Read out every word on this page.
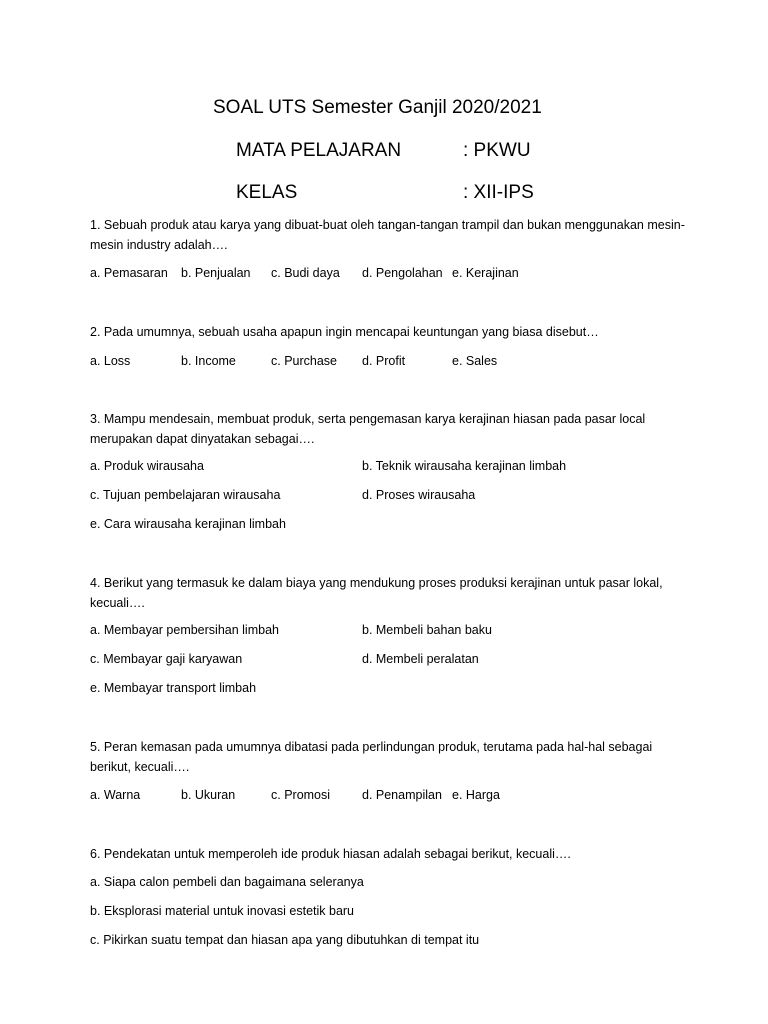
SOAL UTS Semester Ganjil 2020/2021
MATA PELAJARAN	: PKWU
KELAS	: XII-IPS
1. Sebuah produk atau karya yang dibuat-buat oleh tangan-tangan trampil dan bukan menggunakan mesin-mesin industry adalah….
a. Pemasaran b. Penjualan c. Budi daya d. Pengolahan e. Kerajinan
2. Pada umumnya, sebuah usaha apapun ingin mencapai keuntungan yang biasa disebut…
a. Loss	b. Income	c. Purchase d. Profit	e. Sales
3. Mampu mendesain, membuat produk, serta pengemasan karya kerajinan hiasan pada pasar local merupakan dapat dinyatakan sebagai….
a. Produk wirausaha	b. Teknik wirausaha kerajinan limbah
c. Tujuan pembelajaran wirausaha	d. Proses wirausaha
e. Cara wirausaha kerajinan limbah
4. Berikut yang termasuk ke dalam biaya yang mendukung proses produksi kerajinan untuk pasar lokal, kecuali….
a. Membayar pembersihan limbah	b. Membeli bahan baku
c. Membayar gaji karyawan	d. Membeli peralatan
e. Membayar transport limbah
5. Peran kemasan pada umumnya dibatasi pada perlindungan produk, terutama pada hal-hal sebagai berikut, kecuali….
a. Warna	b. Ukuran	c. Promosi	d. Penampilan e. Harga
6. Pendekatan untuk memperoleh ide produk hiasan adalah sebagai berikut, kecuali….
a. Siapa calon pembeli dan bagaimana seleranya
b. Eksplorasi material untuk inovasi estetik baru
c. Pikirkan suatu tempat dan hiasan apa yang dibutuhkan di tempat itu
